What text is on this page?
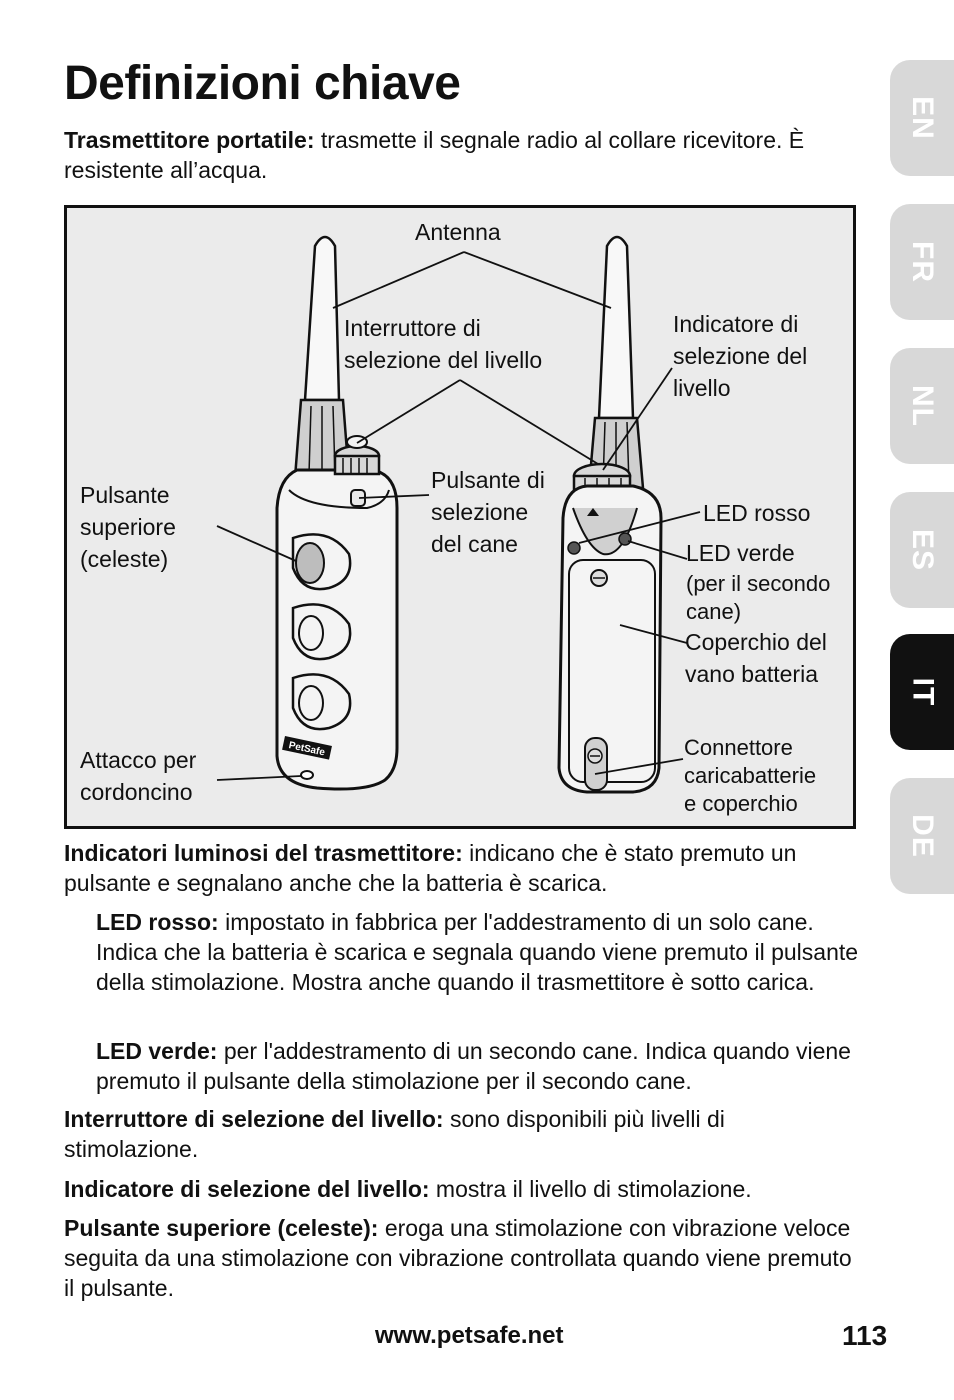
Definizioni chiave

Trasmettitore portatile: trasmette il segnale radio al collare ricevitore. È resistente all’acqua.

PetSafe

Antenna

Interruttore di
selezione del livello

Indicatore di
selezione del
livello

Pulsante
superiore
(celeste)

Pulsante di
selezione
del cane

LED rosso

LED verde

(per il secondo
cane)

Coperchio del
vano batteria

Attacco per
cordoncino

Connettore
caricabatterie
e coperchio

Indicatori luminosi del trasmettitore: indicano che è stato premuto un pulsante e segnalano anche che la batteria è scarica.

LED rosso: impostato in fabbrica per l'addestramento di un solo cane. Indica che la batteria è scarica e segnala quando viene premuto il pulsante della stimolazione. Mostra anche quando il trasmettitore è sotto carica.

LED verde: per l'addestramento di un secondo cane. Indica quando viene premuto il pulsante della stimolazione per il secondo cane.

Interruttore di selezione del livello: sono disponibili più livelli di stimolazione.

Indicatore di selezione del livello: mostra il livello di stimolazione.

Pulsante superiore (celeste): eroga una stimolazione con vibrazione veloce seguita da una stimolazione con vibrazione controllata quando viene premuto il pulsante.

EN
FR
NL
ES
IT
DE
www.petsafe.net	113
